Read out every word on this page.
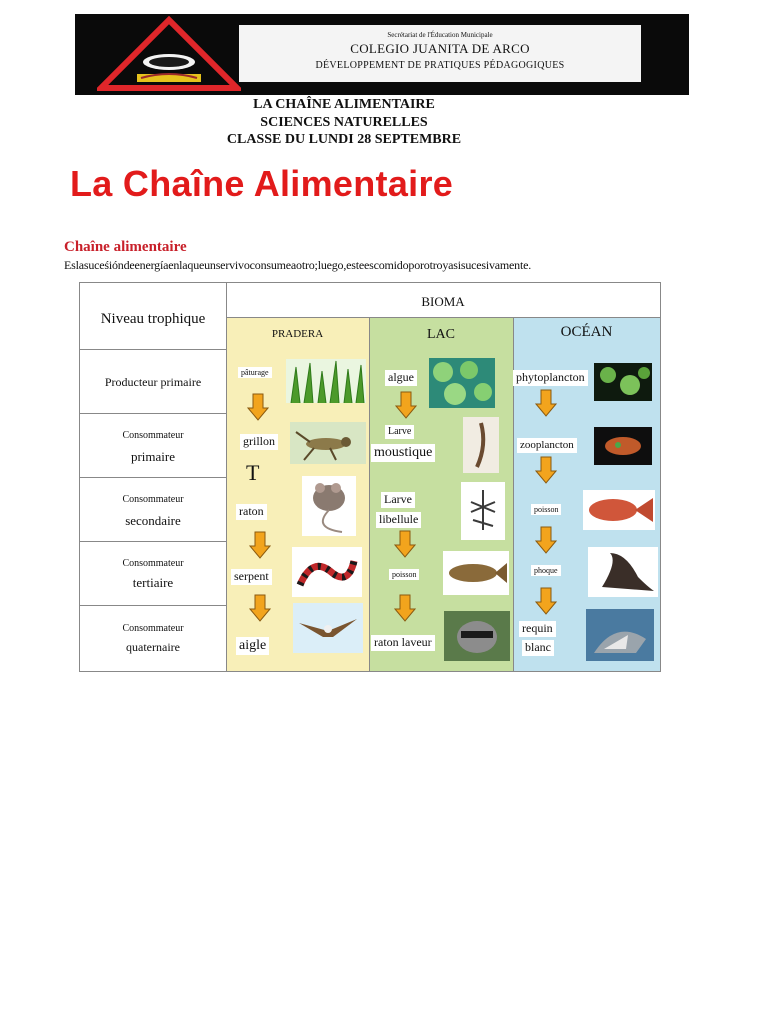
Secrétariat de l'Éducation Municipale
COLEGIO JUANITA DE ARCO
DÉVELOPPEMENT DE PRATIQUES PÉDAGOGIQUES
LA CHAÎNE ALIMENTAIRE
SCIENCES NATURELLES
CLASSE DU LUNDI 28 SEPTEMBRE
La Chaîne Alimentaire
Chaîne alimentaire
Eslasuceśióndeenergíaenlaqueunservivoconsumeaotro;luego,esteescomidoporotroyasisucesivamente.
Niveau trophique
BIOMA
PRADERA	LAC	OCÉAN
Producteur primaire
Consommateur
primaire
Consommateur
secondaire
Consommateur
tertiaire
Consommateur
quaternaire
pâturage
grillon
T
raton
serpent
aigle
algue
Larve
moustique
Larve
libellule
poisson
raton laveur
phytoplancton
zooplancton
poisson
phoque
requin
blanc
